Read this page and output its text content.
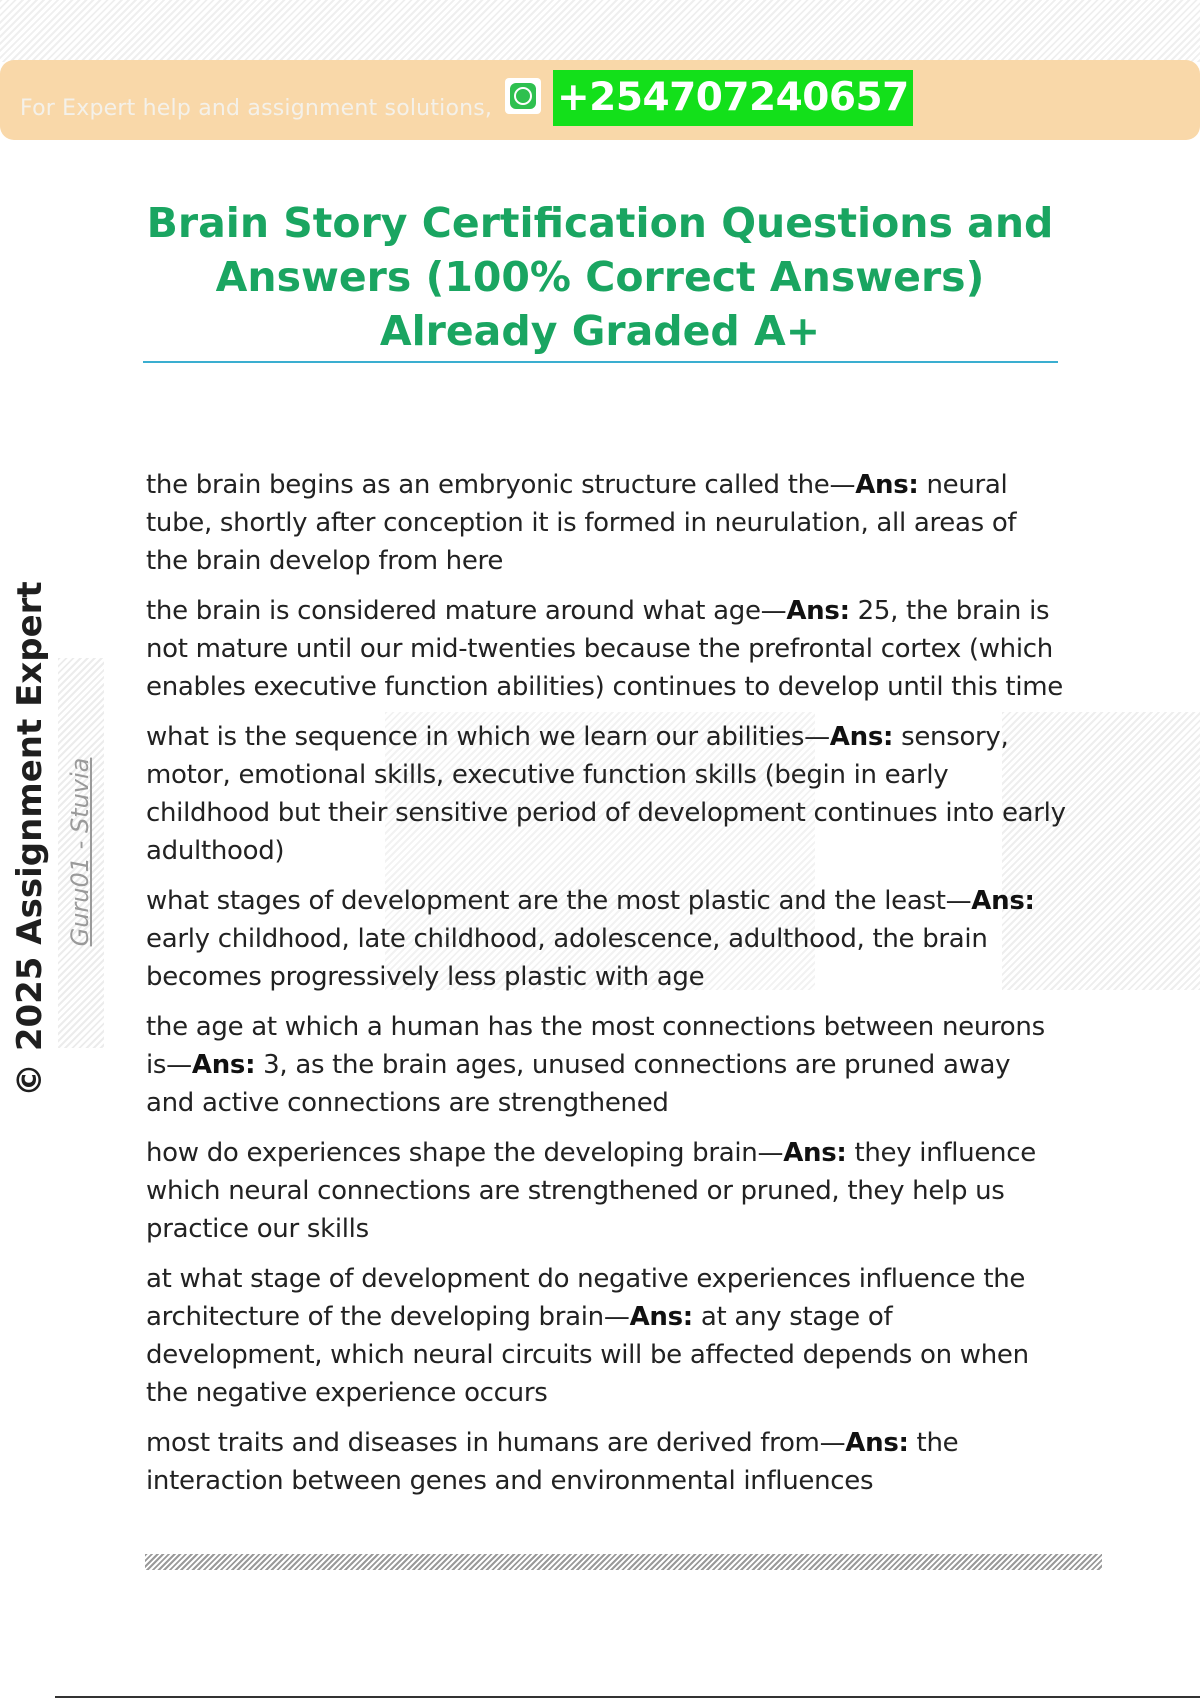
For Expert help and assignment solutions, +254707240657
Brain Story Certification Questions and Answers (100% Correct Answers) Already Graded A+
© 2025 Assignment Expert Guru01 - Stuvia

the brain begins as an embryonic structure called the—Ans: neural tube, shortly after conception it is formed in neurulation, all areas of the brain develop from here

the brain is considered mature around what age—Ans: 25, the brain is not mature until our mid-twenties because the prefrontal cortex (which enables executive function abilities) continues to develop until this time

what is the sequence in which we learn our abilities—Ans: sensory, motor, emotional skills, executive function skills (begin in early childhood but their sensitive period of development continues into early adulthood)

what stages of development are the most plastic and the least—Ans: early childhood, late childhood, adolescence, adulthood, the brain becomes progressively less plastic with age

the age at which a human has the most connections between neurons is—Ans: 3, as the brain ages, unused connections are pruned away and active connections are strengthened

how do experiences shape the developing brain—Ans: they influence which neural connections are strengthened or pruned, they help us practice our skills

at what stage of development do negative experiences influence the architecture of the developing brain—Ans: at any stage of development, which neural circuits will be affected depends on when the negative experience occurs

most traits and diseases in humans are derived from—Ans: the interaction between genes and environmental influences
